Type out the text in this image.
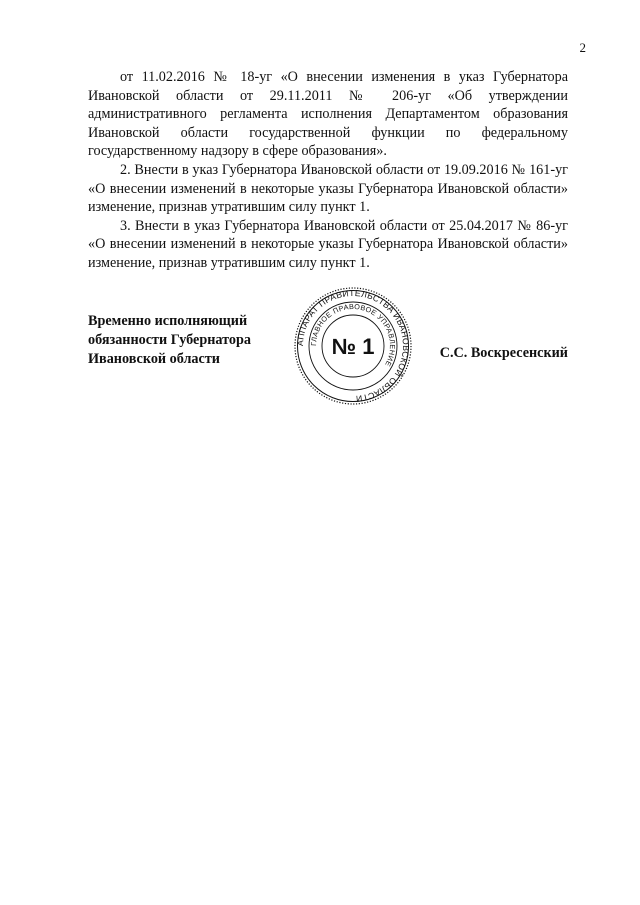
2

от 11.02.2016 № 18-уг «О внесении изменения в указ Губернатора Ивановской области от 29.11.2011 № 206-уг «Об утверждении административного регламента исполнения Департаментом образования Ивановской области государственной функции по федеральному государственному надзору в сфере образования».

2. Внести в указ Губернатора Ивановской области от 19.09.2016 № 161-уг «О внесении изменений в некоторые указы Губернатора Ивановской области» изменение, признав утратившим силу пункт 1.

3. Внести в указ Губернатора Ивановской области от 25.04.2017 № 86-уг «О внесении изменений в некоторые указы Губернатора Ивановской области» изменение, признав утратившим силу пункт 1.

Временно исполняющий
обязанности Губернатора
Ивановской области
АППАРАТ ПРАВИТЕЛЬСТВА ИВАНОВСКОЙ ОБЛАСТИ
ГЛАВНОЕ ПРАВОВОЕ УПРАВЛЕНИЕ
№ 1	С.С. Воскресенский
